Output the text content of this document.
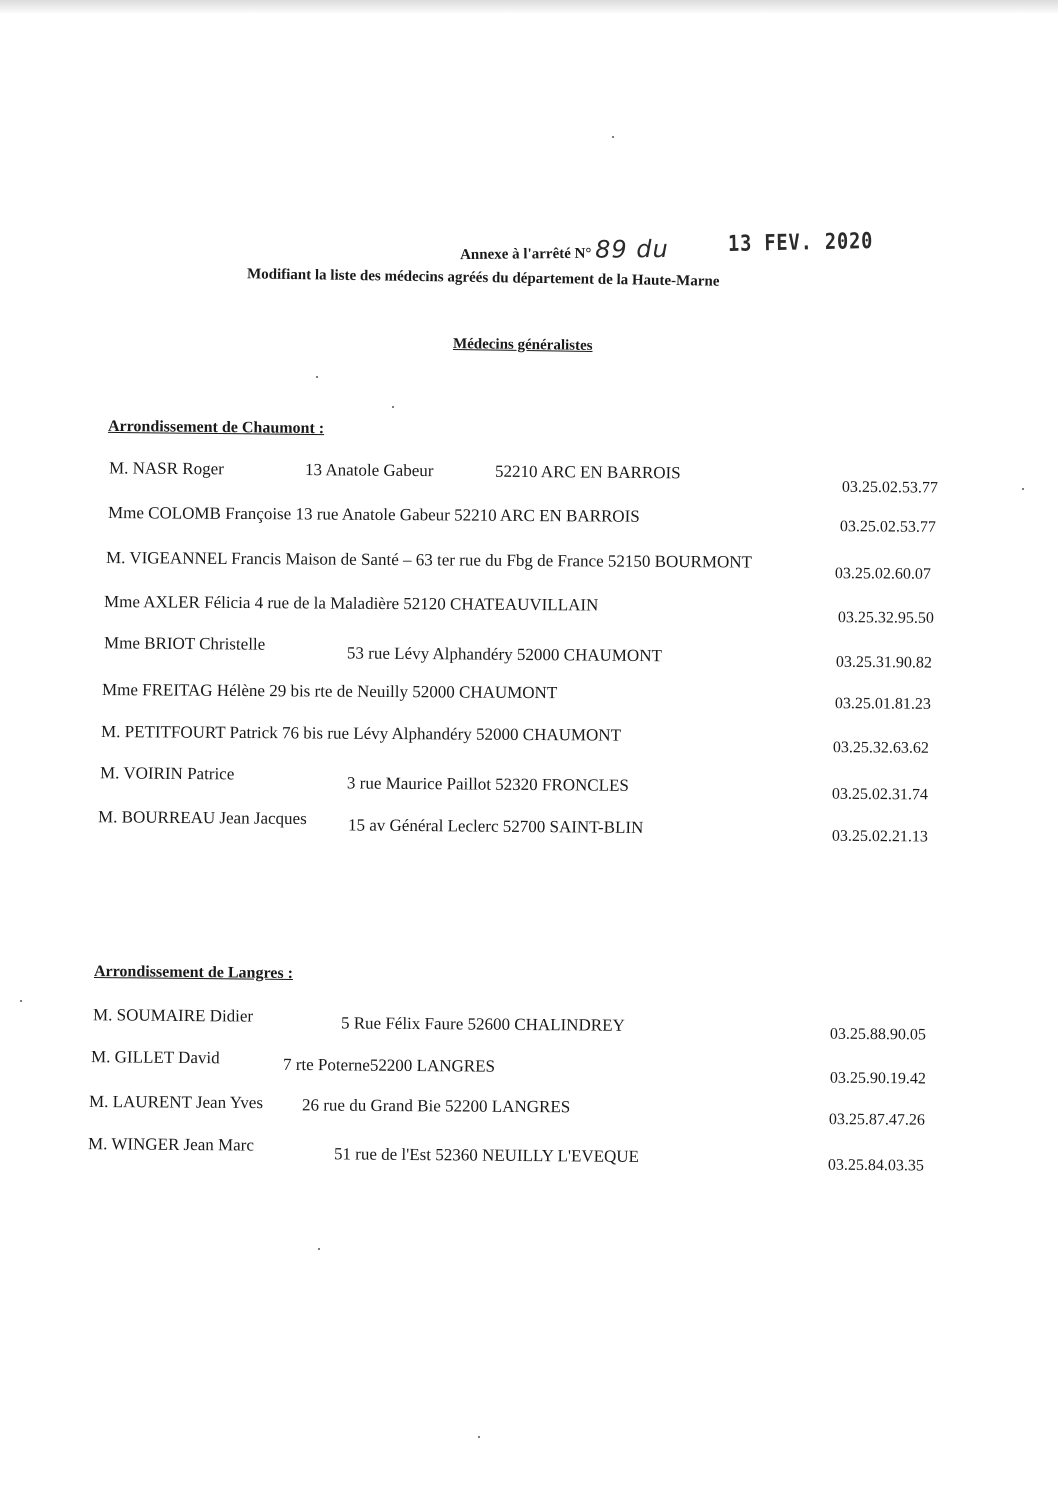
Annexe à l'arrêté N° 89 du	13 FEV. 2020
Modifiant la liste des médecins agréés du département de la Haute-Marne
Médecins généralistes
Arrondissement de Chaumont :
M. NASR Roger	13 Anatole Gabeur	52210 ARC EN BARROIS
03.25.02.53.77
Mme COLOMB Françoise 13 rue Anatole Gabeur 52210 ARC EN BARROIS
03.25.02.53.77
M. VIGEANNEL Francis Maison de Santé – 63 ter rue du Fbg de France 52150 BOURMONT
03.25.02.60.07
Mme AXLER Félicia 4 rue de la Maladière 52120 CHATEAUVILLAIN
03.25.32.95.50
Mme BRIOT Christelle	53 rue Lévy Alphandéry 52000 CHAUMONT	03.25.31.90.82
Mme FREITAG Hélène 29 bis rte de Neuilly 52000 CHAUMONT
03.25.01.81.23
M. PETITFOURT Patrick 76 bis rue Lévy Alphandéry 52000 CHAUMONT
03.25.32.63.62
M. VOIRIN Patrice
3 rue Maurice Paillot 52320 FRONCLES	03.25.02.31.74
M. BOURREAU Jean Jacques 15 av Général Leclerc 52700 SAINT-BLIN	03.25.02.21.13
Arrondissement de Langres :
M. SOUMAIRE Didier	5 Rue Félix Faure 52600 CHALINDREY	03.25.88.90.05
M. GILLET David	7 rte Poterne52200 LANGRES
03.25.90.19.42
M. LAURENT Jean Yves 26 rue du Grand Bie 52200 LANGRES
03.25.87.47.26
M. WINGER Jean Marc	51 rue de l'Est 52360 NEUILLY L'EVEQUE	03.25.84.03.35
